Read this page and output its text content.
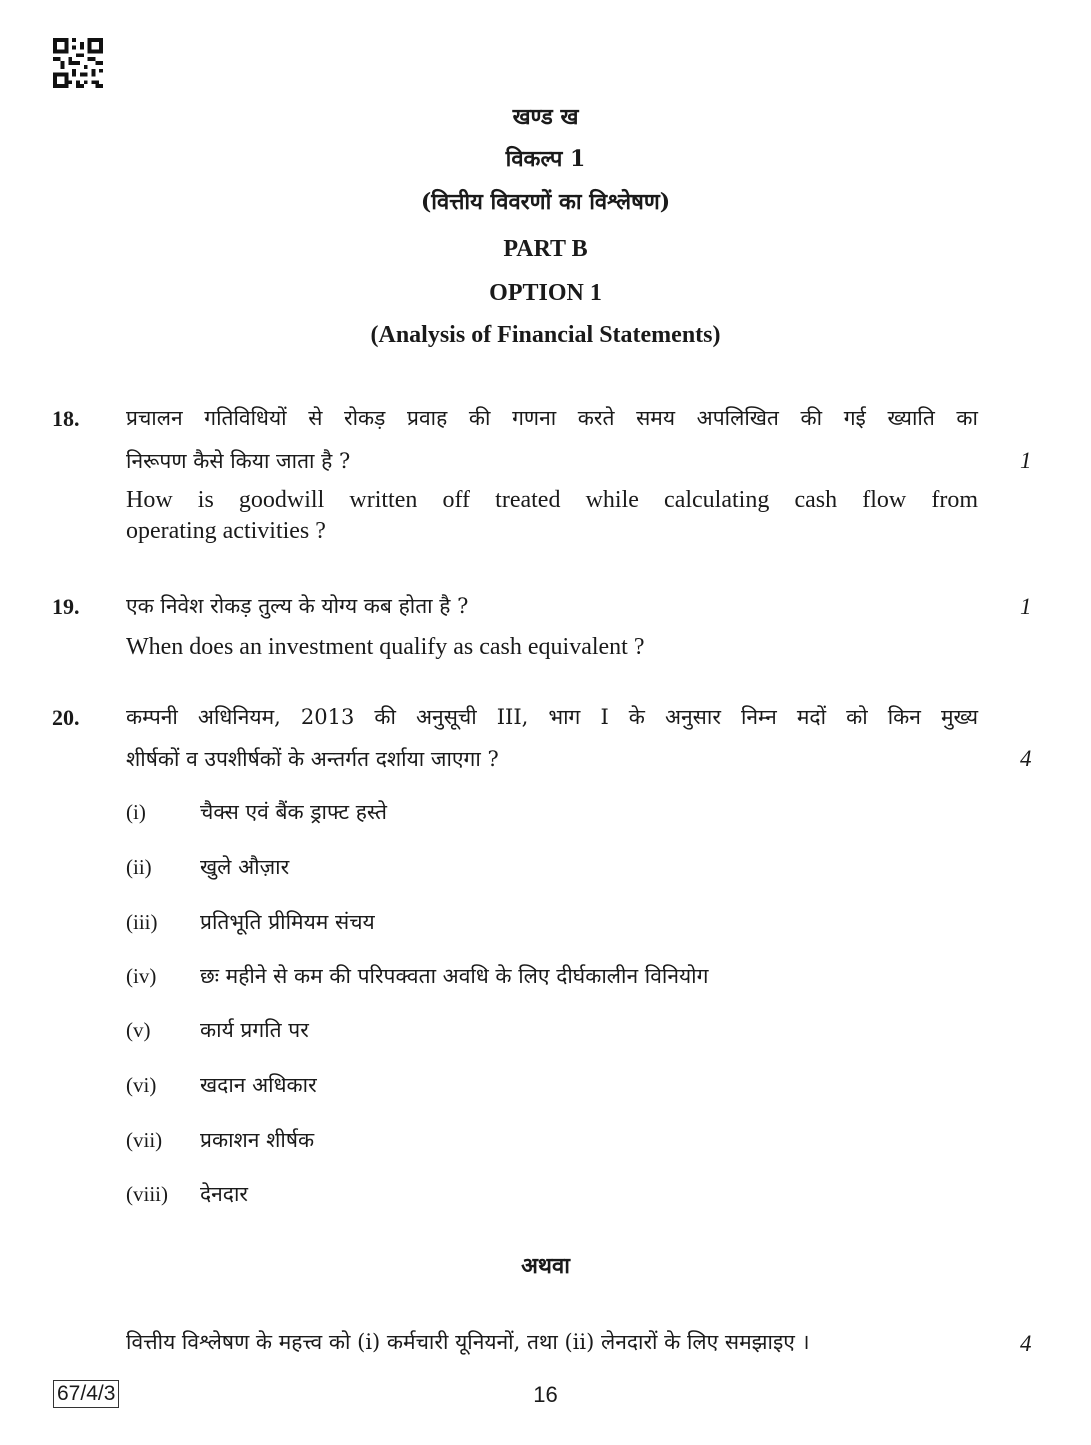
खण्ड ख
विकल्प 1
(वित्तीय विवरणों का विश्लेषण)
PART B
OPTION 1
(Analysis of Financial Statements)
18. प्रचालन गतिविधियों से रोकड़ प्रवाह की गणना करते समय अपलिखित की गई ख्याति का
निरूपण कैसे किया जाता है ?	1
How is goodwill written off treated while calculating cash flow from
operating activities ?
19. एक निवेश रोकड़ तुल्य के योग्य कब होता है ?	1
When does an investment qualify as cash equivalent ?
20. कम्पनी अधिनियम, 2013 की अनुसूची III, भाग I के अनुसार निम्न मदों को किन मुख्य
शीर्षकों व उपशीर्षकों के अन्तर्गत दर्शाया जाएगा ?	4
(i)	चैक्स एवं बैंक ड्राफ्ट हस्ते
(ii) खुले औज़ार
(iii) प्रतिभूति प्रीमियम संचय
(iv) छः महीने से कम की परिपक्वता अवधि के लिए दीर्घकालीन विनियोग
(v) कार्य प्रगति पर
(vi) खदान अधिकार
(vii) प्रकाशन शीर्षक
(viii) देनदार
अथवा
वित्तीय विश्लेषण के महत्त्व को (i) कर्मचारी यूनियनों, तथा (ii) लेनदारों के लिए समझाइए ।	4
67/4/3	16
